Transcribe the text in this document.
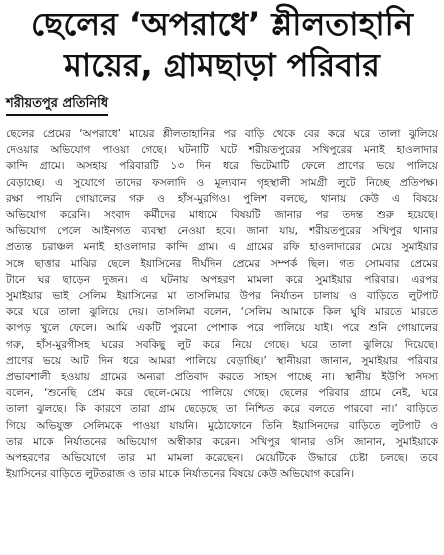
ছেলের ‘অপরাধে’ শ্লীলতাহানি
মায়ের, গ্রামছাড়া পরিবার
শরীয়তপুর প্রতিনিধি
ছেলের প্রেমের ‘অপরাধে’ মায়ের শ্লীলতাহানির পর বাড়ি থেকে বের করে ঘরে তালা ঝুলিয়ে
দেওয়ার অভিযোগ পাওয়া গেছে। ঘটনাটি ঘটে শরীয়তপুরের সখিপুরের মনাই হাওলাদার
কান্দি গ্রামে। অসহায় পরিবারটি ১৩ দিন ধরে ভিটেমাটি ফেলে প্রাণের ভয়ে পালিয়ে
বেড়াচ্ছে। এ সুযোগে তাদের ফসলাদি ও মূল্যবান গৃহস্থালী সামগ্রী লুটে নিচ্ছে প্রতিপক্ষ।
রক্ষা পায়নি গোয়ালের গরু ও হাঁস-মুরগিও। পুলিশ বলছে, থানায় কেউ এ বিষয়ে
অভিযোগ করেনি। সংবাদ কর্মীদের মাধ্যমে বিষয়টি জানার পর তদন্ত শুরু হয়েছে।
অভিযোগ পেলে আইনগত ব্যবস্থা নেওয়া হবে। জানা যায়, শরীয়তপুরের সখিপুর থানার
প্রত্যন্ত চরাঞ্চল মনাই হাওলাদার কান্দি গ্রাম। এ গ্রামের রফি হাওলাদারের মেয়ে সুমাইয়ার
সঙ্গে ছাত্তার মাঝির ছেলে ইয়াসিনের দীর্ঘদিন প্রেমের সম্পর্ক ছিল। গত সোমবার প্রেমের
টানে ঘর ছাড়েন দুজন। এ ঘটনায় অপহরণ মামলা করে সুমাইয়ার পরিবার। এরপর
সুমাইয়ার ভাই সেলিম ইয়াসিনের মা তাসলিমার উপর নির্যাতন চালায় ও বাড়িতে লুটপাট
করে ঘরে তালা ঝুলিয়ে দেয়। তাসলিমা বলেন, ‘সেলিম আমাকে কিল ঘুষি মারতে মারতে
কাপড় খুলে ফেলে। আমি একটি পুরনো পোশাক পরে পালিয়ে যাই। পরে শুনি গোয়ালের
গরু, হাঁস-মুরগীসহ ঘরের সবকিছু লুট করে নিয়ে গেছে। ঘরে তালা ঝুলিয়ে দিয়েছে।
প্রাণের ভয়ে আট দিন ধরে আমরা পালিয়ে বেড়াচ্ছি।’ স্থানীয়রা জানান, সুমাইয়ার পরিবার
প্রভাবশালী হওয়ায় গ্রামের অন্যরা প্রতিবাদ করতে সাহস পাচ্ছে না। স্থানীয় ইউপি সদস্য
বলেন, ‘শুনেছি প্রেম করে ছেলে-মেয়ে পালিয়ে গেছে। ছেলের পরিবার গ্রামে নেই, ঘরে
তালা ঝুলছে। কি কারণে তারা গ্রাম ছেড়েছে তা নিশ্চিত করে বলতে পারবো না।’ বাড়িতে
গিয়ে অভিযুক্ত সেলিমকে পাওয়া যায়নি। মুঠোফোনে তিনি ইয়াসিনদের বাড়িতে লুটপাট ও
তার মাকে নির্যাতনের অভিযোগ অস্বীকার করেন। সখিপুর থানার ওসি জানান, সুমাইয়াকে
অপহরণের অভিযোগে তার মা মামলা করেছেন। মেয়েটিকে উদ্ধারে চেষ্টা চলছে। তবে
ইয়াসিনের বাড়িতে লুটতরাজ ও তার মাকে নির্যাতনের বিষয়ে কেউ অভিযোগ করেনি।
